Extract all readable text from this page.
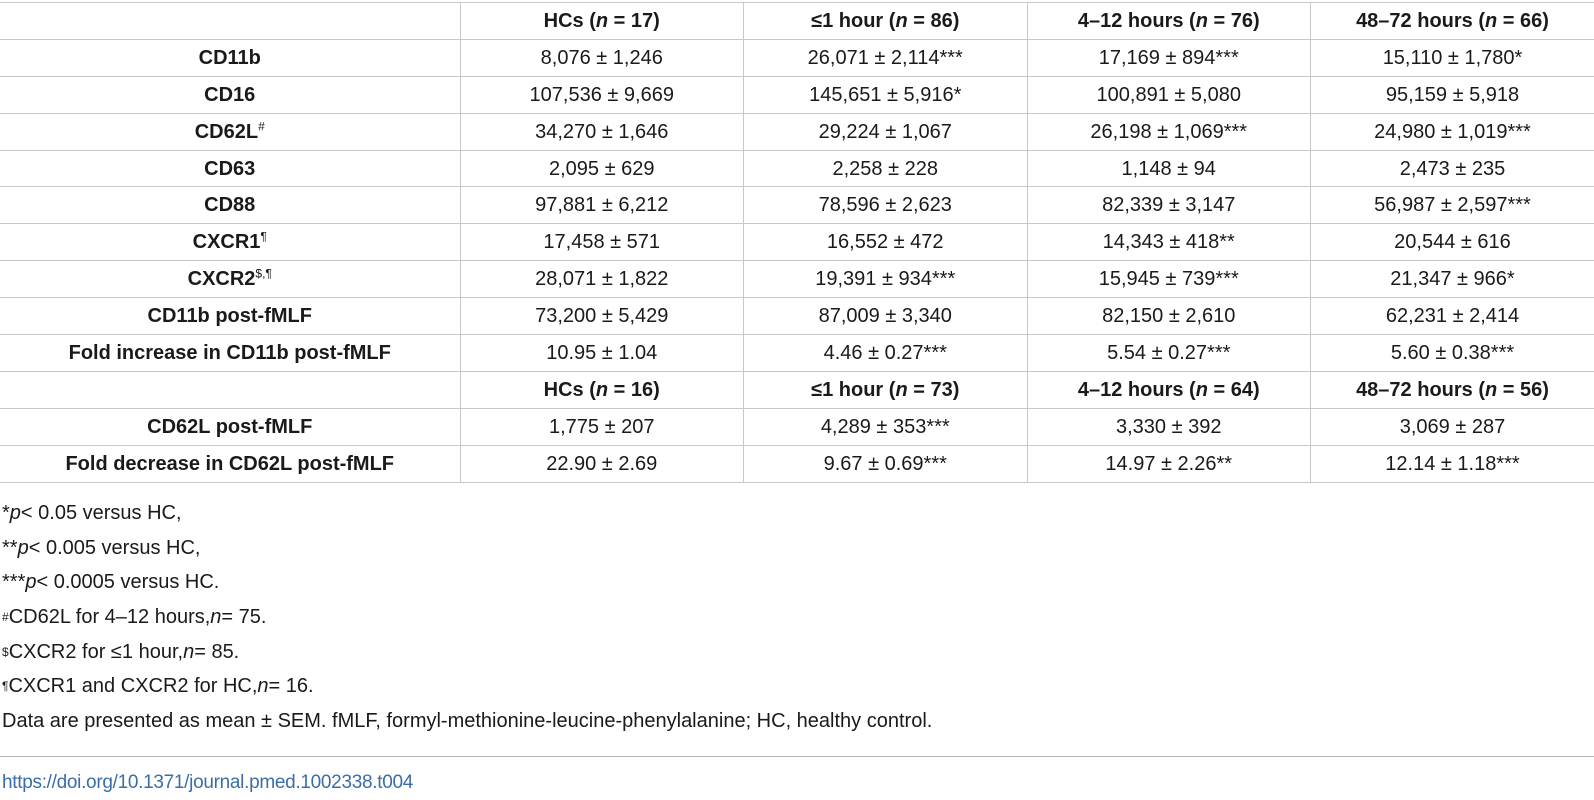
	HCs (n = 17)	≤1 hour (n = 86)	4–12 hours (n = 76)	48–72 hours (n = 66)
CD11b	8,076 ± 1,246	26,071 ± 2,114***	17,169 ± 894***	15,110 ± 1,780*
CD16	107,536 ± 9,669	145,651 ± 5,916*	100,891 ± 5,080	95,159 ± 5,918
CD62L#	34,270 ± 1,646	29,224 ± 1,067	26,198 ± 1,069***	24,980 ± 1,019***
CD63	2,095 ± 629	2,258 ± 228	1,148 ± 94	2,473 ± 235
CD88	97,881 ± 6,212	78,596 ± 2,623	82,339 ± 3,147	56,987 ± 2,597***
CXCR1¶	17,458 ± 571	16,552 ± 472	14,343 ± 418**	20,544 ± 616
CXCR2$,¶	28,071 ± 1,822	19,391 ± 934***	15,945 ± 739***	21,347 ± 966*
CD11b post-fMLF	73,200 ± 5,429	87,009 ± 3,340	82,150 ± 2,610	62,231 ± 2,414
Fold increase in CD11b post-fMLF	10.95 ± 1.04	4.46 ± 0.27***	5.54 ± 0.27***	5.60 ± 0.38***
	HCs (n = 16)	≤1 hour (n = 73)	4–12 hours (n = 64)	48–72 hours (n = 56)
CD62L post-fMLF	1,775 ± 207	4,289 ± 353***	3,330 ± 392	3,069 ± 287
Fold decrease in CD62L post-fMLF	22.90 ± 2.69	9.67 ± 0.69***	14.97 ± 2.26**	12.14 ± 1.18***
* p < 0.05 versus HC,
** p < 0.005 versus HC,
*** p < 0.0005 versus HC.
# CD62L for 4–12 hours, n = 75.
$ CXCR2 for ≤1 hour, n = 85.
¶ CXCR1 and CXCR2 for HC, n = 16.
Data are presented as mean ± SEM. fMLF, formyl-methionine-leucine-phenylalanine; HC, healthy control.
https://doi.org/10.1371/journal.pmed.1002338.t004
